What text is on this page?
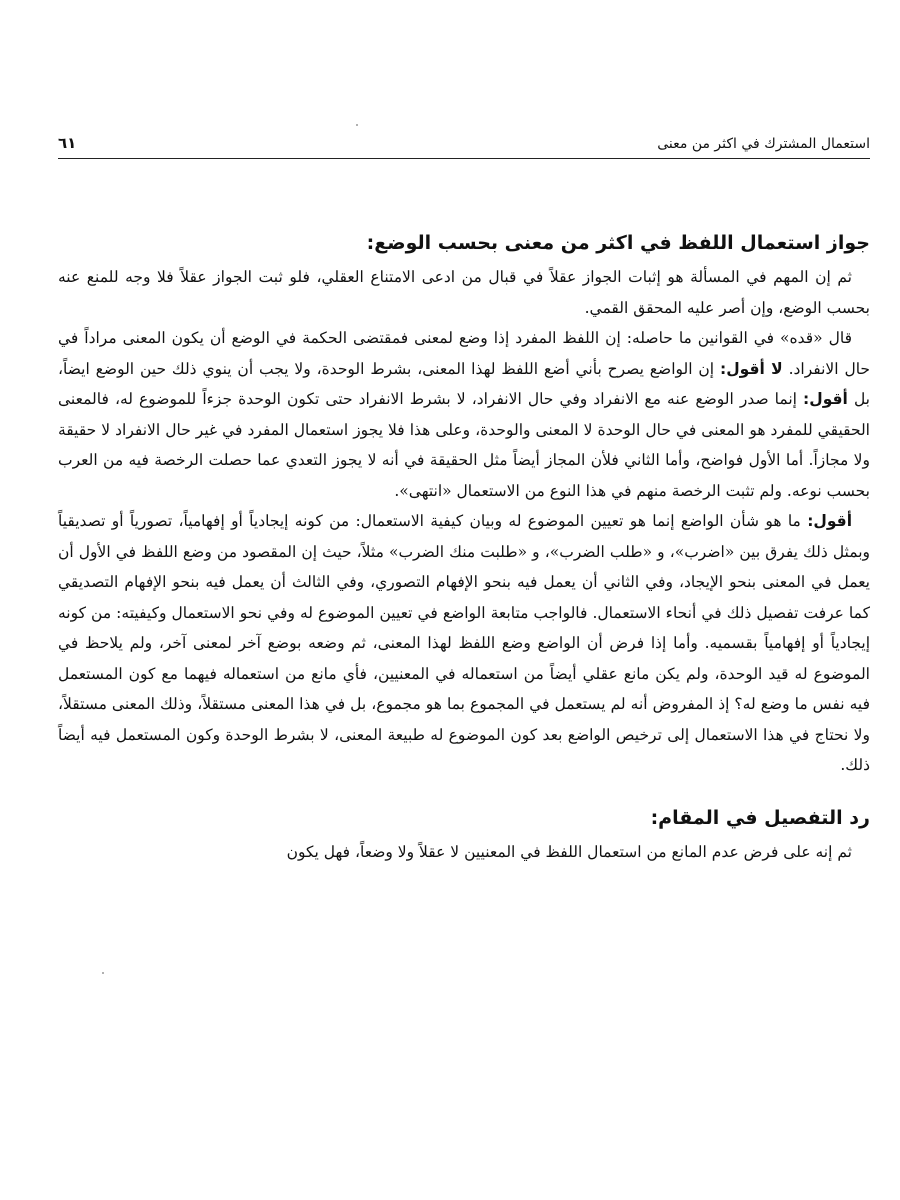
استعمال المشترك في اكثر من معنى
٦١
جواز استعمال اللفظ في اكثر من معنى بحسب الوضع:

ثم إن المهم في المسألة هو إثبات الجواز عقلاً في قبال من ادعى الامتناع العقلي، فلو ثبت الجواز عقلاً فلا وجه للمنع عنه بحسب الوضع، وإن أصر عليه المحقق القمي.

قال «قده» في القوانين ما حاصله: إن اللفظ المفرد إذا وضع لمعنى فمقتضى الحكمة في الوضع أن يكون المعنى مراداً في حال الانفراد. لا أقول: إن الواضع يصرح بأني أضع اللفظ لهذا المعنى، بشرط الوحدة، ولا يجب أن ينوي ذلك حين الوضع ايضاً، بل أقول: إنما صدر الوضع عنه مع الانفراد وفي حال الانفراد، لا بشرط الانفراد حتى تكون الوحدة جزءاً للموضوع له، فالمعنى الحقيقي للمفرد هو المعنى في حال الوحدة لا المعنى والوحدة، وعلى هذا فلا يجوز استعمال المفرد في غير حال الانفراد لا حقيقة ولا مجازاً. أما الأول فواضح، وأما الثاني فلأن المجاز أيضاً مثل الحقيقة في أنه لا يجوز التعدي عما حصلت الرخصة فيه من العرب بحسب نوعه. ولم تثبت الرخصة منهم في هذا النوع من الاستعمال «انتهى».

أقول: ما هو شأن الواضع إنما هو تعيين الموضوع له وبيان كيفية الاستعمال: من كونه إيجادياً أو إفهامياً، تصورياً أو تصديقياً وبمثل ذلك يفرق بين «اضرب»، و «طلب الضرب»، و «طلبت منك الضرب» مثلاً، حيث إن المقصود من وضع اللفظ في الأول أن يعمل في المعنى بنحو الإيجاد، وفي الثاني أن يعمل فيه بنحو الإفهام التصوري، وفي الثالث أن يعمل فيه بنحو الإفهام التصديقي كما عرفت تفصيل ذلك في أنحاء الاستعمال. فالواجب متابعة الواضع في تعيين الموضوع له وفي نحو الاستعمال وكيفيته: من كونه إيجادياً أو إفهامياً بقسميه. وأما إذا فرض أن الواضع وضع اللفظ لهذا المعنى، ثم وضعه بوضع آخر لمعنى آخر، ولم يلاحظ في الموضوع له قيد الوحدة، ولم يكن مانع عقلي أيضاً من استعماله في المعنيين، فأي مانع من استعماله فيهما مع كون المستعمل فيه نفس ما وضع له؟ إذ المفروض أنه لم يستعمل في المجموع بما هو مجموع، بل في هذا المعنى مستقلاً، وذلك المعنى مستقلاً، ولا نحتاج في هذا الاستعمال إلى ترخيص الواضع بعد كون الموضوع له طبيعة المعنى، لا بشرط الوحدة وكون المستعمل فيه أيضاً ذلك.

رد التفصيل في المقام:

ثم إنه على فرض عدم المانع من استعمال اللفظ في المعنيين لا عقلاً ولا وضعاً، فهل يكون
